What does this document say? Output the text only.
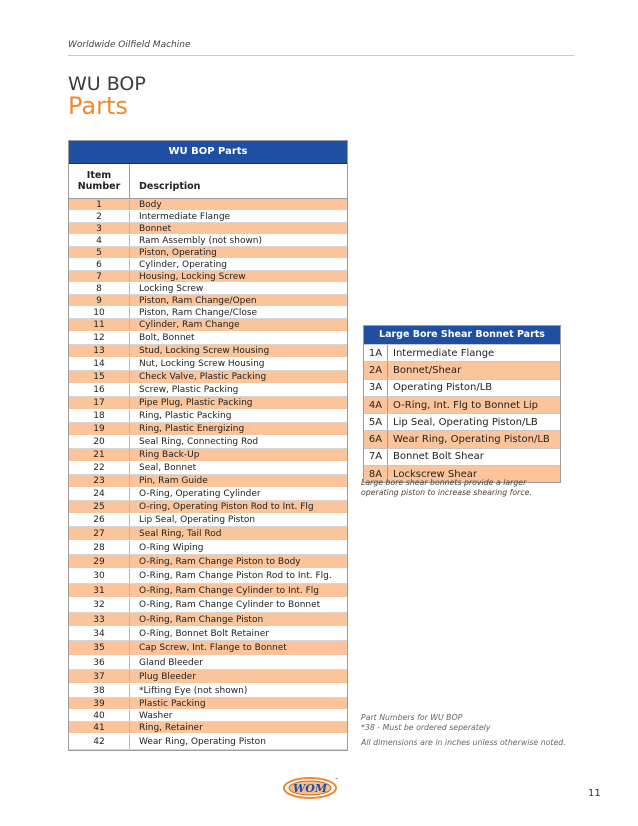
Worldwide Oilfield Machine
WU BOP
Parts
WU BOP Parts
Item
Number	Description
1	Body
2	Intermediate Flange
3	Bonnet
4	Ram Assembly (not shown)
5	Piston, Operating
6	Cylinder, Operating
7	Housing, Locking Screw
8	Locking Screw
9	Piston, Ram Change/Open
10	Piston, Ram Change/Close
11	Cylinder, Ram Change
12	Bolt, Bonnet
13	Stud, Locking Screw Housing
14	Nut, Locking Screw Housing
15	Check Valve, Plastic Packing
16	Screw, Plastic Packing
17	Pipe Plug, Plastic Packing
18	Ring, Plastic Packing
19	Ring, Plastic Energizing
20	Seal Ring, Connecting Rod
21	Ring Back-Up
22	Seal, Bonnet
23	Pin, Ram Guide
24	O-Ring, Operating Cylinder
25	O-ring, Operating Piston Rod to Int. Flg
26	Lip Seal, Operating Piston
27	Seal Ring, Tail Rod
28	O-Ring Wiping
29	O-Ring, Ram Change Piston to Body
30	O-Ring, Ram Change Piston Rod to Int. Flg.
31	O-Ring, Ram Change Cylinder to Int. Flg
32	O-Ring, Ram Change Cylinder to Bonnet
33	O-Ring, Ram Change Piston
34	O-Ring, Bonnet Bolt Retainer
35	Cap Screw, Int. Flange to Bonnet
36	Gland Bleeder
37	Plug Bleeder
38	*Lifting Eye (not shown)
39	Plastic Packing
40	Washer
41	Ring, Retainer
42	Wear Ring, Operating Piston
Large Bore Shear Bonnet Parts
1A	Intermediate Flange
2A	Bonnet/Shear
3A	Operating Piston/LB
4A	O-Ring, Int. Flg to Bonnet Lip
5A	Lip Seal, Operating Piston/LB
6A	Wear Ring, Operating Piston/LB
7A	Bonnet Bolt Shear
8A	Lockscrew Shear
Large bore shear bonnets provide a larger
operating piston to increase shearing force.
Part Numbers for WU BOP
*38 - Must be ordered seperately
All dimensions are in inches unless otherwise noted.
WOM
™
11
